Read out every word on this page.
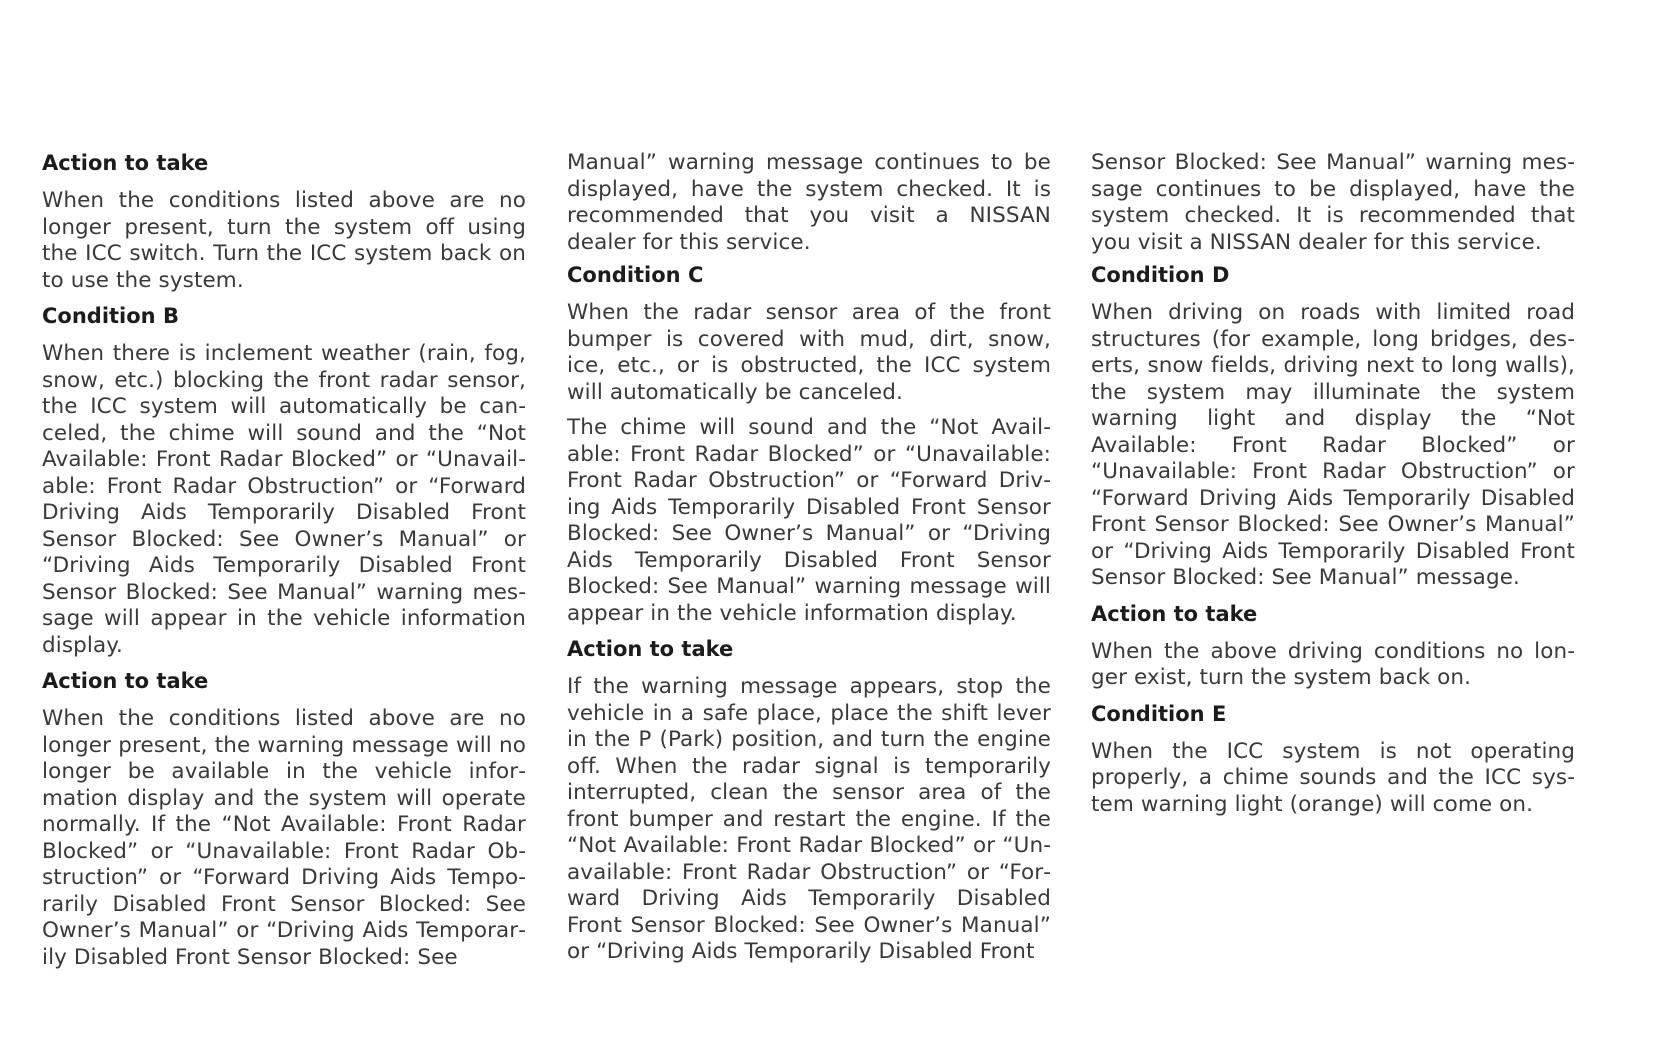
Action to take

When the conditions listed above are no longer present, turn the system off using the ICC switch. Turn the ICC system back on to use the system.

Condition B

When there is inclement weather (rain, fog, snow, etc.) blocking the front radar sensor, the ICC system will automatically be canceled, the chime will sound and the “Not Available: Front Radar Blocked” or “Unavailable: Front Radar Obstruction” or “Forward Driving Aids Temporarily Disabled Front Sensor Blocked: See Owner’s Manual” or “Driving Aids Temporarily Disabled Front Sensor Blocked: See Manual” warning message will appear in the vehicle information display.

Action to take

When the conditions listed above are no longer present, the warning message will no longer be available in the vehicle information display and the system will operate normally. If the “Not Available: Front Radar Blocked” or “Unavailable: Front Radar Obstruction” or “Forward Driving Aids Temporarily Disabled Front Sensor Blocked: See Owner’s Manual” or “Driving Aids Temporarily Disabled Front Sensor Blocked: See

Manual” warning message continues to be displayed, have the system checked. It is recommended that you visit a NISSAN dealer for this service.

Condition C

When the radar sensor area of the front bumper is covered with mud, dirt, snow, ice, etc., or is obstructed, the ICC system will automatically be canceled.

The chime will sound and the “Not Available: Front Radar Blocked” or “Unavailable: Front Radar Obstruction” or “Forward Driving Aids Temporarily Disabled Front Sensor Blocked: See Owner’s Manual” or “Driving Aids Temporarily Disabled Front Sensor Blocked: See Manual” warning message will appear in the vehicle information display.

Action to take

If the warning message appears, stop the vehicle in a safe place, place the shift lever in the P (Park) position, and turn the engine off. When the radar signal is temporarily interrupted, clean the sensor area of the front bumper and restart the engine. If the “Not Available: Front Radar Blocked” or “Unavailable: Front Radar Obstruction” or “Forward Driving Aids Temporarily Disabled Front Sensor Blocked: See Owner’s Manual” or “Driving Aids Temporarily Disabled Front

Sensor Blocked: See Manual” warning message continues to be displayed, have the system checked. It is recommended that you visit a NISSAN dealer for this service.

Condition D

When driving on roads with limited road structures (for example, long bridges, deserts, snow fields, driving next to long walls), the system may illuminate the system warning light and display the “Not Available: Front Radar Blocked” or “Unavailable: Front Radar Obstruction” or “Forward Driving Aids Temporarily Disabled Front Sensor Blocked: See Owner’s Manual” or “Driving Aids Temporarily Disabled Front Sensor Blocked: See Manual” message.

Action to take

When the above driving conditions no longer exist, turn the system back on.

Condition E

When the ICC system is not operating properly, a chime sounds and the ICC system warning light (orange) will come on.
